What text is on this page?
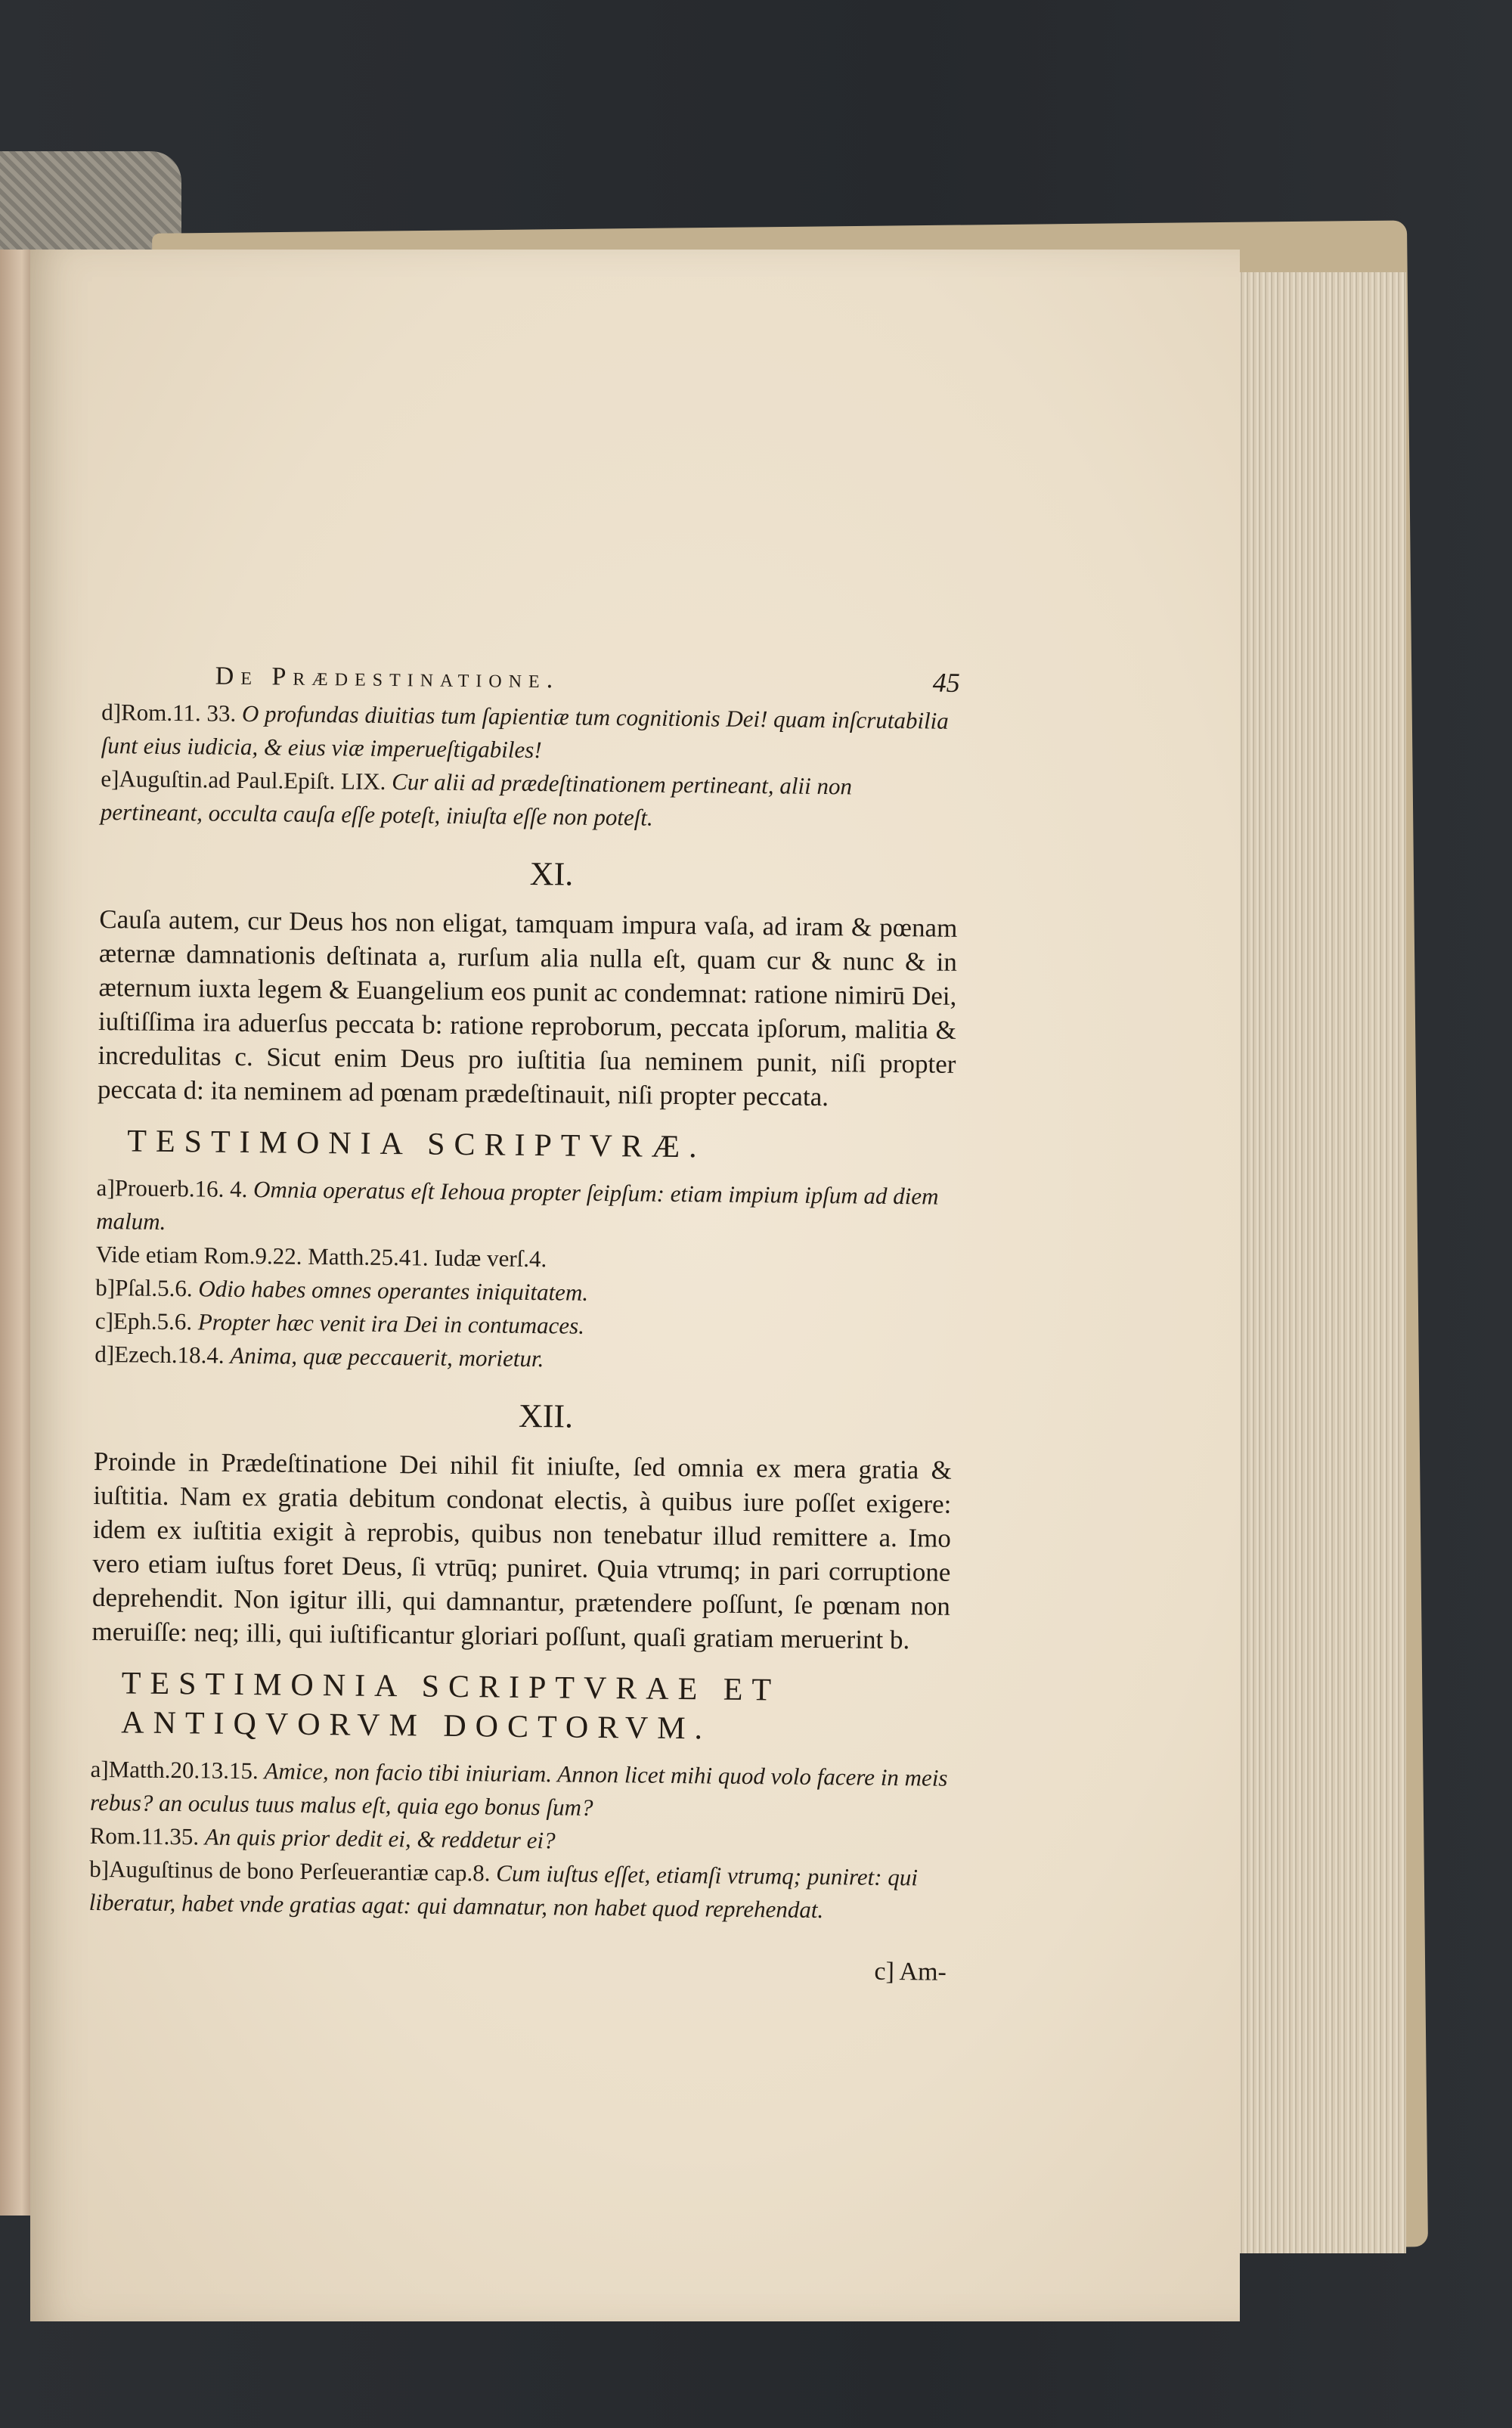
De Prædestinatione.	45

d]Rom.11. 33. O profundas diuitias tum ſapientiæ tum cognitionis Dei! quam inſcrutabilia ſunt eius iudicia, & eius viæ imperueſtigabiles!

e]Auguſtin.ad Paul.Epiſt. LIX. Cur alii ad prædeſtinationem pertineant, alii non pertineant, occulta cauſa eſſe poteſt, iniuſta eſſe non poteſt.

XI.

Cauſa autem, cur Deus hos non eligat, tamquam impura vaſa, ad iram & pœnam æternæ damnationis deſtinata a, rurſum alia nulla eſt, quam cur & nunc & in æternum iuxta legem & Euangelium eos punit ac condemnat: ratione nimirū Dei, iuſtiſſima ira aduerſus peccata b: ratione reproborum, peccata ipſorum, malitia & incredulitas c. Sicut enim Deus pro iuſtitia ſua neminem punit, niſi propter peccata d: ita neminem ad pœnam prædeſtinauit, niſi propter peccata.

TESTIMONIA SCRIPTVRÆ.

a]Prouerb.16. 4. Omnia operatus eſt Iehoua propter ſeipſum: etiam impium ipſum ad diem malum.

Vide etiam Rom.9.22. Matth.25.41. Iudæ verſ.4.

b]Pſal.5.6. Odio habes omnes operantes iniquitatem.

c]Eph.5.6. Propter hæc venit ira Dei in contumaces.

d]Ezech.18.4. Anima, quæ peccauerit, morietur.

XII.

Proinde in Prædeſtinatione Dei nihil fit iniuſte, ſed omnia ex mera gratia & iuſtitia. Nam ex gratia debitum condonat electis, à quibus iure poſſet exigere: idem ex iuſtitia exigit à reprobis, quibus non tenebatur illud remittere a. Imo vero etiam iuſtus foret Deus, ſi vtrūq; puniret. Quia vtrumq; in pari corruptione deprehendit. Non igitur illi, qui damnantur, prætendere poſſunt, ſe pœnam non meruiſſe: neq; illi, qui iuſtificantur gloriari poſſunt, quaſi gratiam meruerint b.

TESTIMONIA SCRIPTVRAE ET ANTIQVORVM DOCTORVM.

a]Matth.20.13.15. Amice, non facio tibi iniuriam. Annon licet mihi quod volo facere in meis rebus? an oculus tuus malus eſt, quia ego bonus ſum?

Rom.11.35. An quis prior dedit ei, & reddetur ei?

b]Auguſtinus de bono Perſeuerantiæ cap.8. Cum iuſtus eſſet, etiamſi vtrumq; puniret: qui liberatur, habet vnde gratias agat: qui damnatur, non habet quod reprehendat.

c] Am-
